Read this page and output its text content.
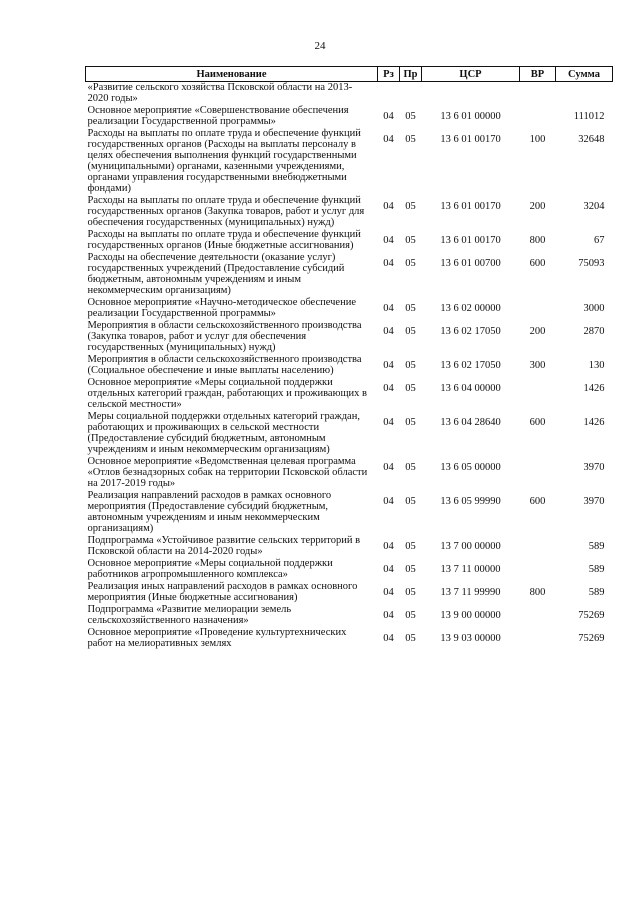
24
Наименование	Рз	Пр	ЦСР	ВР	Сумма
«Развитие сельского хозяйства Псковской области на 2013-2020 годы»					
Основное мероприятие «Совершенствование обеспечения реализации Государственной программы»	04	05	13 6 01 00000		111012
Расходы на выплаты по оплате труда и обеспечение функций государственных органов (Расходы на выплаты персоналу в целях обеспечения выполнения функций государственными (муниципальными) органами, казенными учреждениями, органами управления государственными внебюджетными фондами)	04	05	13 6 01 00170	100	32648
Расходы на выплаты по оплате труда и обеспечение функций государственных органов (Закупка товаров, работ и услуг для обеспечения государственных (муниципальных) нужд)	04	05	13 6 01 00170	200	3204
Расходы на выплаты по оплате труда и обеспечение функций государственных органов (Иные бюджетные ассигнования)	04	05	13 6 01 00170	800	67
Расходы на обеспечение деятельности (оказание услуг) государственных учреждений (Предоставление субсидий бюджетным, автономным учреждениям и иным некоммерческим организациям)	04	05	13 6 01 00700	600	75093
Основное мероприятие «Научно-методическое обеспечение реализации Государственной программы»	04	05	13 6 02 00000		3000
Мероприятия в области сельскохозяйственного производства (Закупка товаров, работ и услуг для обеспечения государственных (муниципальных) нужд)	04	05	13 6 02 17050	200	2870
Мероприятия в области сельскохозяйственного производства (Социальное обеспечение и иные выплаты населению)	04	05	13 6 02 17050	300	130
Основное мероприятие «Меры социальной поддержки отдельных категорий граждан, работающих и проживающих в сельской местности»	04	05	13 6 04 00000		1426
Меры социальной поддержки отдельных категорий граждан, работающих и проживающих в сельской местности (Предоставление субсидий бюджетным, автономным учреждениям и иным некоммерческим организациям)	04	05	13 6 04 28640	600	1426
Основное мероприятие «Ведомственная целевая программа «Отлов безнадзорных собак на территории Псковской области на 2017-2019 годы»	04	05	13 6 05 00000		3970
Реализация направлений расходов в рамках основного мероприятия (Предоставление субсидий бюджетным, автономным учреждениям и иным некоммерческим организациям)	04	05	13 6 05 99990	600	3970
Подпрограмма «Устойчивое развитие сельских территорий в Псковской области на 2014-2020 годы»	04	05	13 7 00 00000		589
Основное мероприятие «Меры социальной поддержки работников агропромышленного комплекса»	04	05	13 7 11 00000		589
Реализация иных направлений расходов в рамках основного мероприятия (Иные бюджетные ассигнования)	04	05	13 7 11 99990	800	589
Подпрограмма «Развитие мелиорации земель сельскохозяйственного назначения»	04	05	13 9 00 00000		75269
Основное мероприятие «Проведение культуртехнических работ на мелиоративных землях	04	05	13 9 03 00000		75269
